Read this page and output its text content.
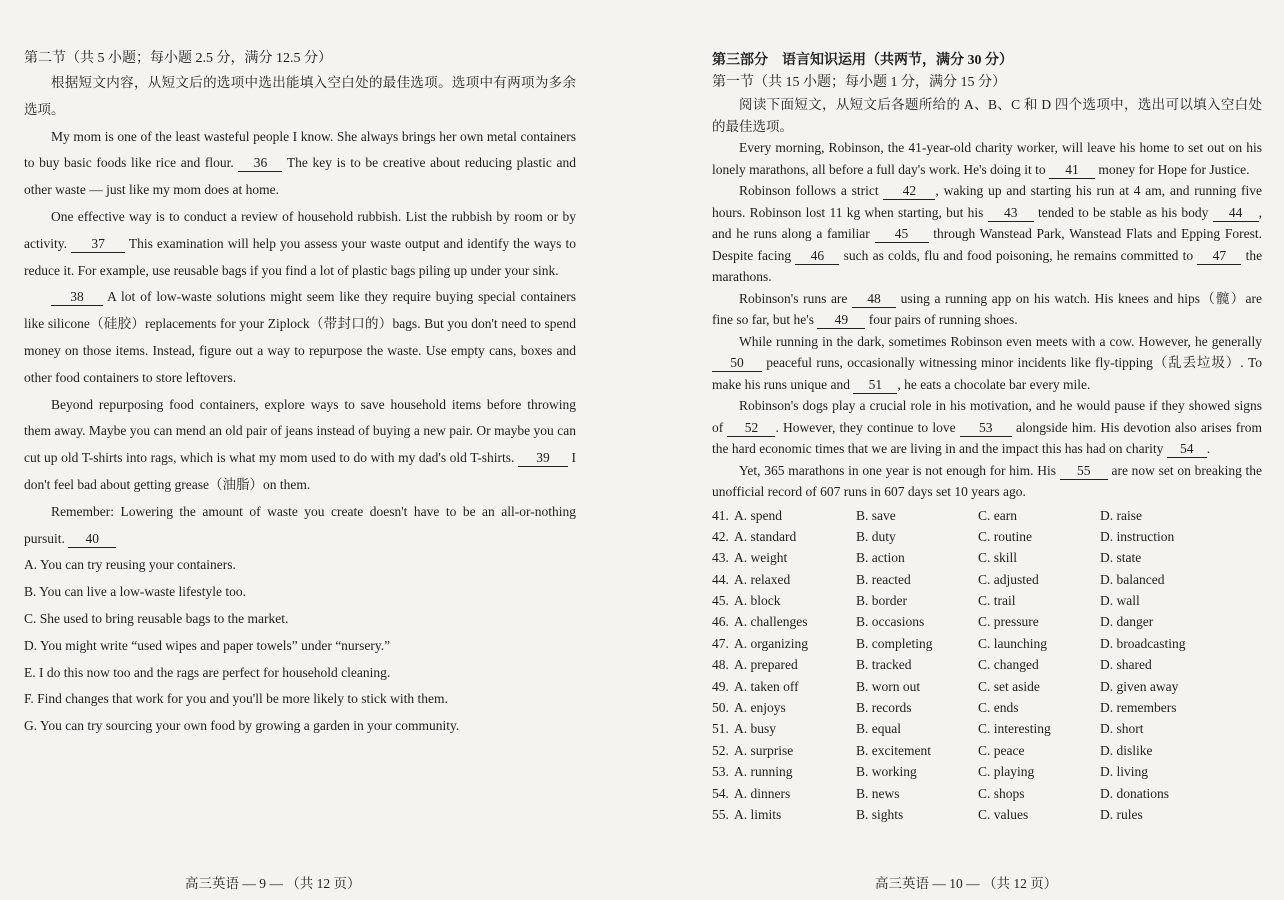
第二节（共 5 小题；每小题 2.5 分，满分 12.5 分）

根据短文内容，从短文后的选项中选出能填入空白处的最佳选项。选项中有两项为多余选项。

My mom is one of the least wasteful people I know. She always brings her own metal containers to buy basic foods like rice and flour. 36 The key is to be creative about reducing plastic and other waste — just like my mom does at home.

One effective way is to conduct a review of household rubbish. List the rubbish by room or by activity. 37 This examination will help you assess your waste output and identify the ways to reduce it. For example, use reusable bags if you find a lot of plastic bags piling up under your sink.

38 A lot of low-waste solutions might seem like they require buying special containers like silicone（硅胶）replacements for your Ziplock（带封口的）bags. But you don't need to spend money on those items. Instead, figure out a way to repurpose the waste. Use empty cans, boxes and other food containers to store leftovers.

Beyond repurposing food containers, explore ways to save household items before throwing them away. Maybe you can mend an old pair of jeans instead of buying a new pair. Or maybe you can cut up old T-shirts into rags, which is what my mom used to do with my dad's old T-shirts. 39 I don't feel bad about getting grease（油脂）on them.

Remember: Lowering the amount of waste you create doesn't have to be an all-or-nothing pursuit. 40

A. You can try reusing your containers.
B. You can live a low-waste lifestyle too.
C. She used to bring reusable bags to the market.
D. You might write “used wipes and paper towels” under “nursery.”
E. I do this now too and the rags are perfect for household cleaning.
F. Find changes that work for you and you'll be more likely to stick with them.
G. You can try sourcing your own food by growing a garden in your community.
高三英语 — 9 — （共 12 页）
第三部分　语言知识运用（共两节，满分 30 分）
第一节（共 15 小题；每小题 1 分，满分 15 分）

阅读下面短文，从短文后各题所给的 A、B、C 和 D 四个选项中，选出可以填入空白处的最佳选项。

Every morning, Robinson, the 41-year-old charity worker, will leave his home to set out on his lonely marathons, all before a full day's work. He's doing it to 41 money for Hope for Justice.

Robinson follows a strict 42 , waking up and starting his run at 4 am, and running five hours. Robinson lost 11 kg when starting, but his 43 tended to be stable as his body 44 , and he runs along a familiar 45 through Wanstead Park, Wanstead Flats and Epping Forest. Despite facing 46 such as colds, flu and food poisoning, he remains committed to 47 the marathons.

Robinson's runs are 48 using a running app on his watch. His knees and hips（髋）are fine so far, but he's 49 four pairs of running shoes.

While running in the dark, sometimes Robinson even meets with a cow. However, he generally 50 peaceful runs, occasionally witnessing minor incidents like fly-tipping（乱丢垃圾）. To make his runs unique and 51 , he eats a chocolate bar every mile.

Robinson's dogs play a crucial role in his motivation, and he would pause if they showed signs of 52 . However, they continue to love 53 alongside him. His devotion also arises from the hard economic times that we are living in and the impact this has had on charity 54 .

Yet, 365 marathons in one year is not enough for him. His 55 are now set on breaking the unofficial record of 607 runs in 607 days set 10 years ago.

41. A. spend	B. save	C. earn	D. raise
42. A. standard	B. duty	C. routine	D. instruction
43. A. weight	B. action	C. skill	D. state
44. A. relaxed	B. reacted	C. adjusted	D. balanced
45. A. block	B. border	C. trail	D. wall
46. A. challenges	B. occasions	C. pressure	D. danger
47. A. organizing	B. completing	C. launching	D. broadcasting
48. A. prepared	B. tracked	C. changed	D. shared
49. A. taken off	B. worn out	C. set aside	D. given away
50. A. enjoys	B. records	C. ends	D. remembers
51. A. busy	B. equal	C. interesting	D. short
52. A. surprise	B. excitement	C. peace	D. dislike
53. A. running	B. working	C. playing	D. living
54. A. dinners	B. news	C. shops	D. donations
55. A. limits	B. sights	C. values	D. rules
高三英语 — 10 — （共 12 页）
